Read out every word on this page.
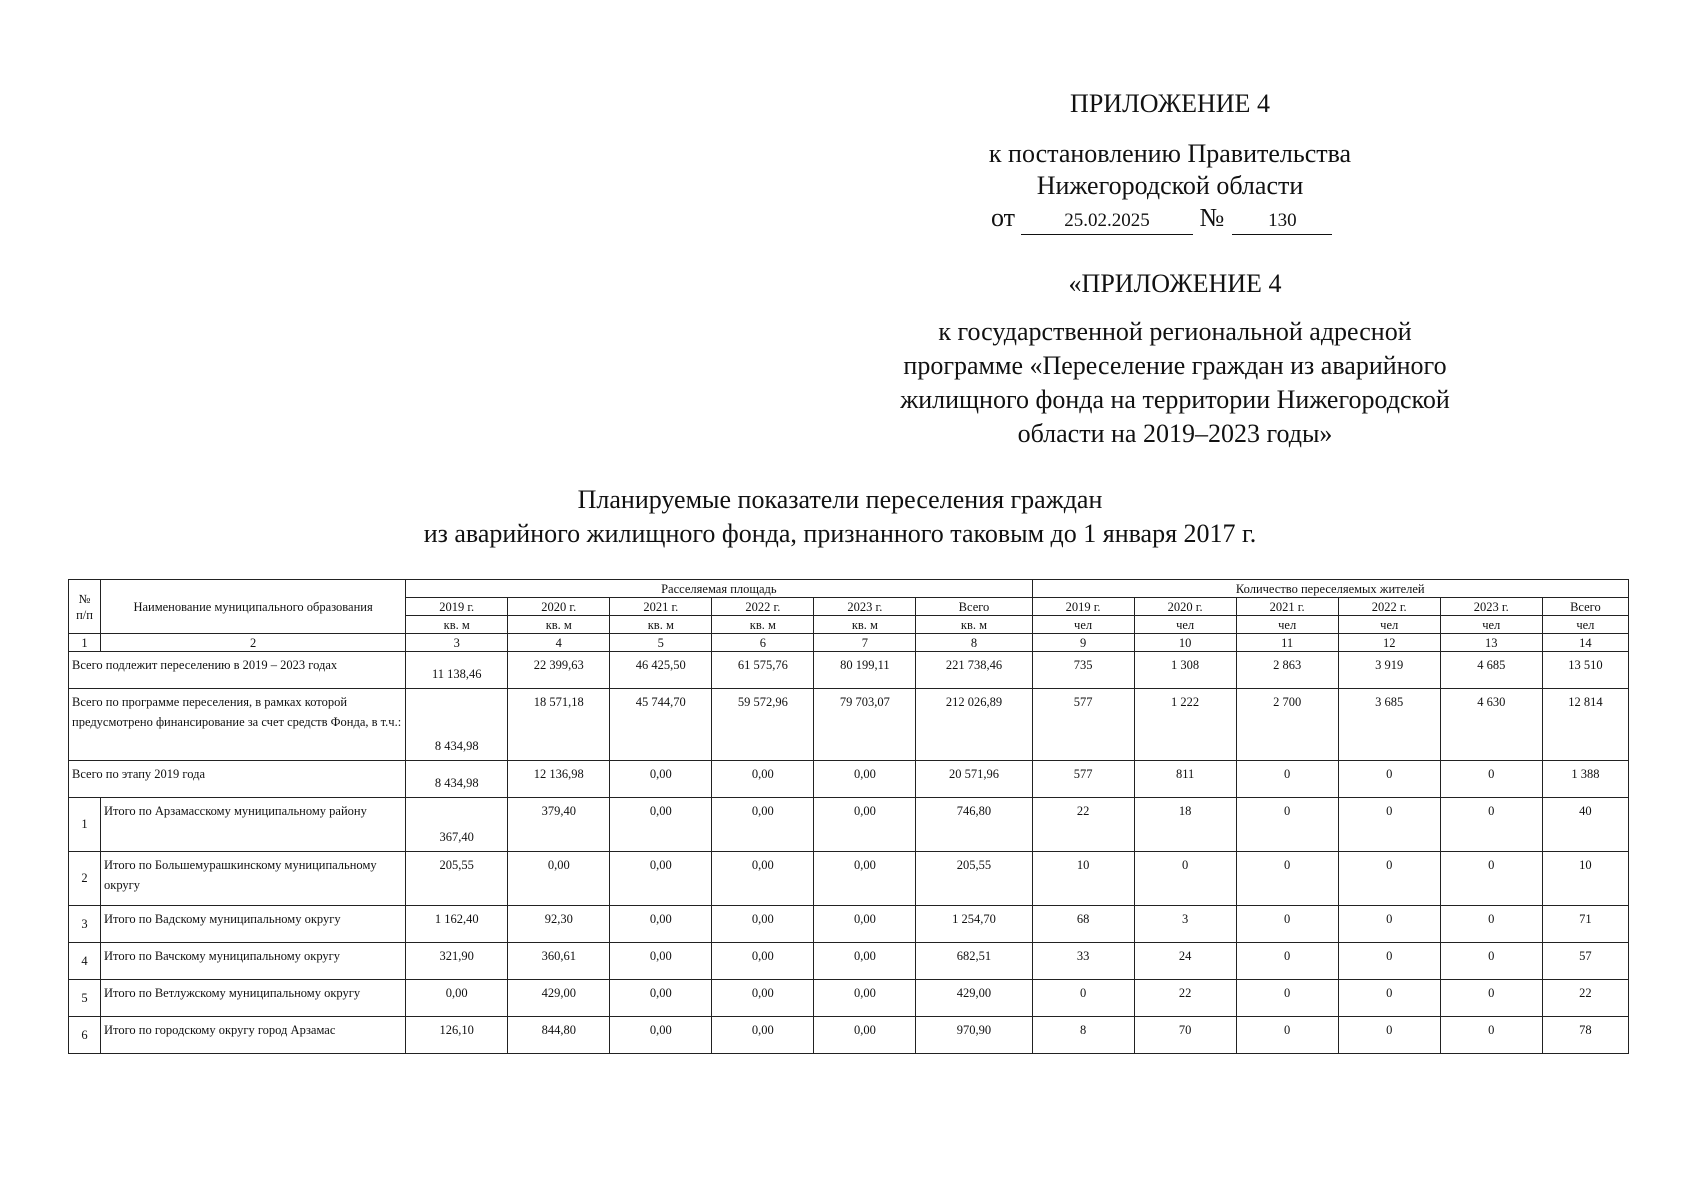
ПРИЛОЖЕНИЕ 4
к постановлению Правительства
Нижегородской области
от	25.02.2025 № 130
«ПРИЛОЖЕНИЕ 4
к государственной региональной адресной
программе «Переселение граждан из аварийного
жилищного фонда на территории Нижегородской
области на 2019–2023 годы»
Планируемые показатели переселения граждан
из аварийного жилищного фонда, признанного таковым до 1 января 2017 г.
№ п/п	Наименование муниципального образования	Расселяемая площадь						Количество переселяемых жителей					
		2019 г.	2020 г.	2021 г.	2022 г.	2023 г.	Всего	2019 г.	2020 г.	2021 г.	2022 г.	2023 г.	Всего
		кв. м	кв. м	кв. м	кв. м	кв. м	кв. м	чел	чел	чел	чел	чел	чел
1	2	3	4	5	6	7	8	9	10	11	12	13	14
Всего подлежит переселению в 2019 – 2023 годах		11 138,46	22 399,63	46 425,50	61 575,76	80 199,11	221 738,46	735	1 308	2 863	3 919	4 685	13 510
Всего по программе переселения, в рамках которой предусмотрено финансирование за счет средств Фонда, в т.ч.:		8 434,98	18 571,18	45 744,70	59 572,96	79 703,07	212 026,89	577	1 222	2 700	3 685	4 630	12 814
Всего по этапу 2019 года		8 434,98	12 136,98	0,00	0,00	0,00	20 571,96	577	811	0	0	0	1 388
1	Итого по Арзамасскому муниципальному району	367,40	379,40	0,00	0,00	0,00	746,80	22	18	0	0	0	40
2	Итого по Большемурашкинскому муниципальному округу	205,55	0,00	0,00	0,00	0,00	205,55	10	0	0	0	0	10
3	Итого по Вадскому муниципальному округу	1 162,40	92,30	0,00	0,00	0,00	1 254,70	68	3	0	0	0	71
4	Итого по Вачскому муниципальному округу	321,90	360,61	0,00	0,00	0,00	682,51	33	24	0	0	0	57
5	Итого по Ветлужскому муниципальному округу	0,00	429,00	0,00	0,00	0,00	429,00	0	22	0	0	0	22
6	Итого по городскому округу город Арзамас	126,10	844,80	0,00	0,00	0,00	970,90	8	70	0	0	0	78
